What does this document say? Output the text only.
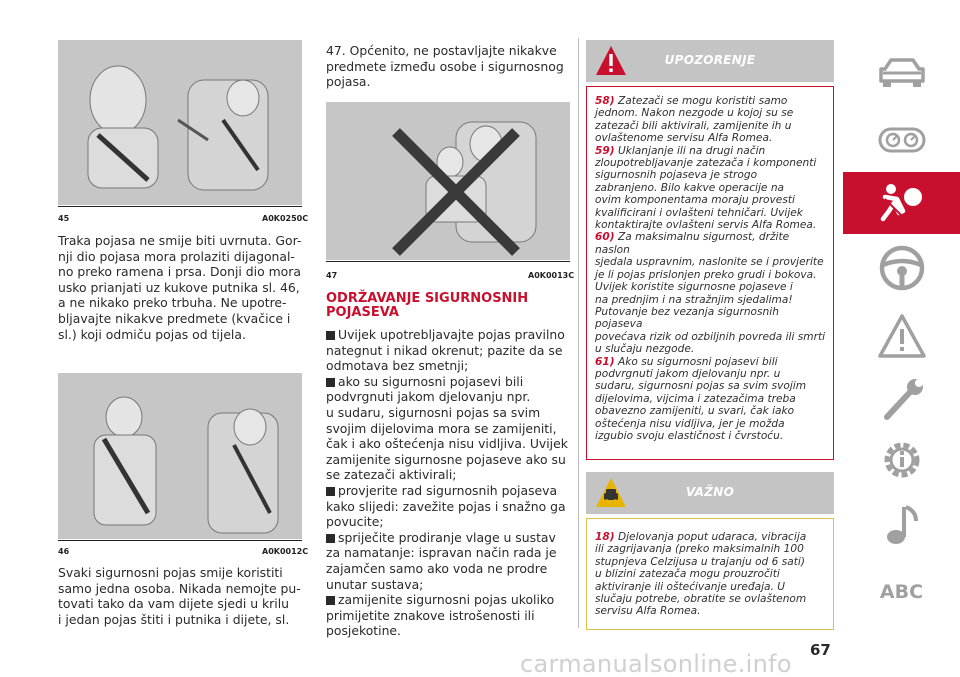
45	A0K0250C
Traka pojasa ne smije biti uvrnuta. Gor-
nji dio pojasa mora prolaziti dijagonal-
no preko ramena i prsa. Donji dio mora
usko prianjati uz kukove putnika sl. 46,
a ne nikako preko trbuha. Ne upotre-
bljavajte nikakve predmete (kvačice i
sl.) koji odmiču pojas od tijela.
46	A0K0012C
Svaki sigurnosni pojas smije koristiti
samo jedna osoba. Nikada nemojte pu-
tovati tako da vam dijete sjedi u krilu
i jedan pojas štiti i putnika i dijete, sl.
47. Općenito, ne postavljajte nikakve
predmete između osobe i sigurnosnog
pojasa.
47	A0K0013C
ODRŽAVANJE SIGURNOSNIH
POJASEVA
Uvijek upotrebljavajte pojas pravilno
nategnut i nikad okrenut; pazite da se
odmotava bez smetnji;
ako su sigurnosni pojasevi bili
podvrgnuti jakom djelovanju npr.
u sudaru, sigurnosni pojas sa svim
svojim dijelovima mora se zamijeniti,
čak i ako oštećenja nisu vidljiva. Uvijek
zamijenite sigurnosne pojaseve ako su
se zatezači aktivirali;
provjerite rad sigurnosnih pojaseva
kako slijedi: zavežite pojas i snažno ga
povucite;
spriječite prodiranje vlage u sustav
za namatanje: ispravan način rada je
zajamčen samo ako voda ne prodre
unutar sustava;
zamijenite sigurnosni pojas ukoliko
primijetite znakove istrošenosti ili
posjekotine.
UPOZORENJE
58) Zatezači se mogu koristiti samo
jednom. Nakon nezgode u kojoj su se
zatezači bili aktivirali, zamijenite ih u
ovlaštenome servisu Alfa Romea.
59) Uklanjanje ili na drugi način
zloupotrebljavanje zatezača i komponenti
sigurnosnih pojaseva je strogo
zabranjeno. Bilo kakve operacije na
ovim komponentama moraju provesti
kvalificirani i ovlašteni tehničari. Uvijek
kontaktirajte ovlašteni servis Alfa Romea.
60) Za maksimalnu sigurnost, držite naslon
sjedala uspravnim, naslonite se i provjerite
je li pojas prislonjen preko grudi i bokova.
Uvijek koristite sigurnosne pojaseve i
na prednjim i na stražnjim sjedalima!
Putovanje bez vezanja sigurnosnih pojaseva
povećava rizik od ozbiljnih povreda ili smrti
u slučaju nezgode.
61) Ako su sigurnosni pojasevi bili
podvrgnuti jakom djelovanju npr. u
sudaru, sigurnosni pojas sa svim svojim
dijelovima, vijcima i zatezačima treba
obavezno zamijeniti, u svari, čak iako
oštećenja nisu vidljiva, jer je možda
izgubio svoju elastičnost i čvrstoću.
VAŽNO
18) Djelovanja poput udaraca, vibracija
ili zagrijavanja (preko maksimalnih 100
stupnjeva Celzijusa u trajanju od 6 sati)
u blizini zatezača mogu prouzročiti
aktiviranje ili oštećivanje uređaja. U
slučaju potrebe, obratite se ovlaštenom
servisu Alfa Romea.
67
ABC
carmanualsonline.info
